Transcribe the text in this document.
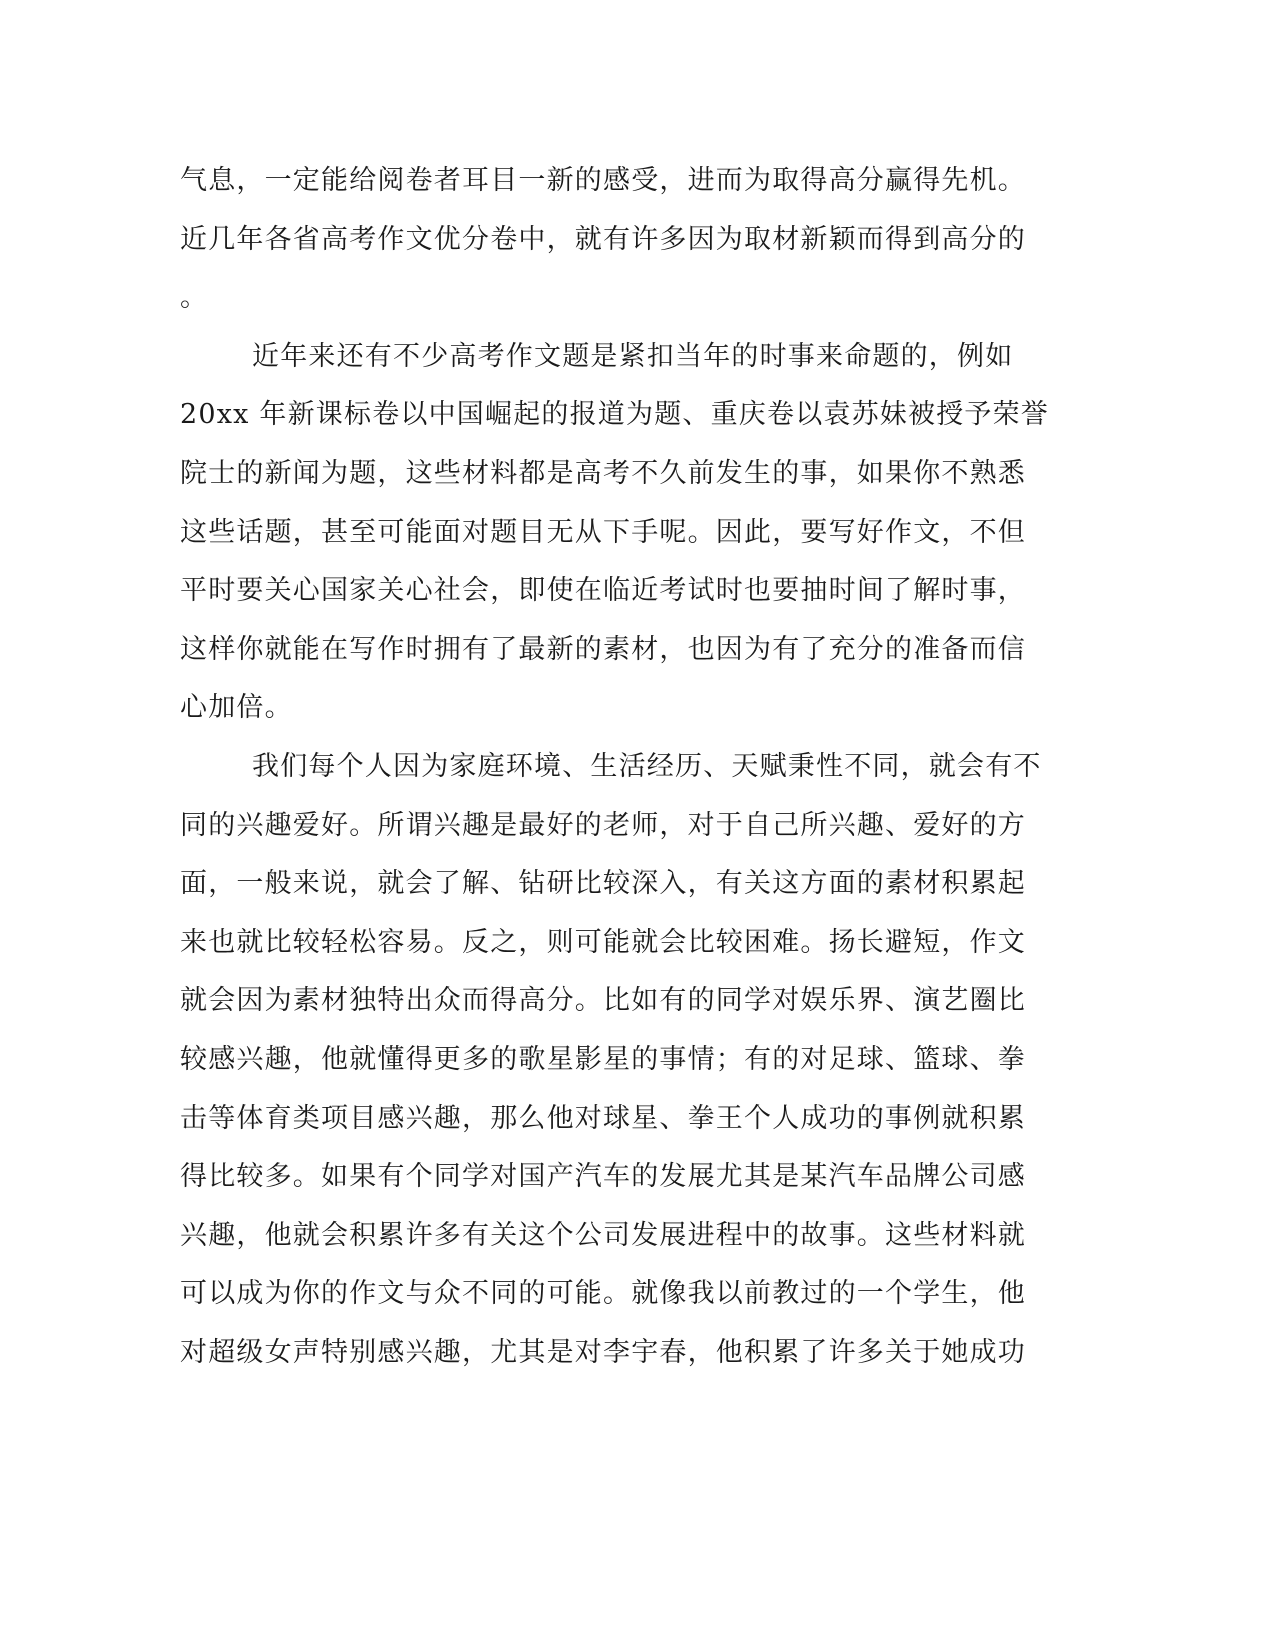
气息，一定能给阅卷者耳目一新的感受，进而为取得高分赢得先机。
近几年各省高考作文优分卷中，就有许多因为取材新颖而得到高分的
。
近年来还有不少高考作文题是紧扣当年的时事来命题的，例如
20xx 年新课标卷以中国崛起的报道为题、重庆卷以袁苏妹被授予荣誉
院士的新闻为题，这些材料都是高考不久前发生的事，如果你不熟悉
这些话题，甚至可能面对题目无从下手呢。因此，要写好作文，不但
平时要关心国家关心社会，即使在临近考试时也要抽时间了解时事，
这样你就能在写作时拥有了最新的素材，也因为有了充分的准备而信
心加倍。
我们每个人因为家庭环境、生活经历、天赋秉性不同，就会有不
同的兴趣爱好。所谓兴趣是最好的老师，对于自己所兴趣、爱好的方
面，一般来说，就会了解、钻研比较深入，有关这方面的素材积累起
来也就比较轻松容易。反之，则可能就会比较困难。扬长避短，作文
就会因为素材独特出众而得高分。比如有的同学对娱乐界、演艺圈比
较感兴趣，他就懂得更多的歌星影星的事情；有的对足球、篮球、拳
击等体育类项目感兴趣，那么他对球星、拳王个人成功的事例就积累
得比较多。如果有个同学对国产汽车的发展尤其是某汽车品牌公司感
兴趣，他就会积累许多有关这个公司发展进程中的故事。这些材料就
可以成为你的作文与众不同的可能。就像我以前教过的一个学生，他
对超级女声特别感兴趣，尤其是对李宇春，他积累了许多关于她成功
